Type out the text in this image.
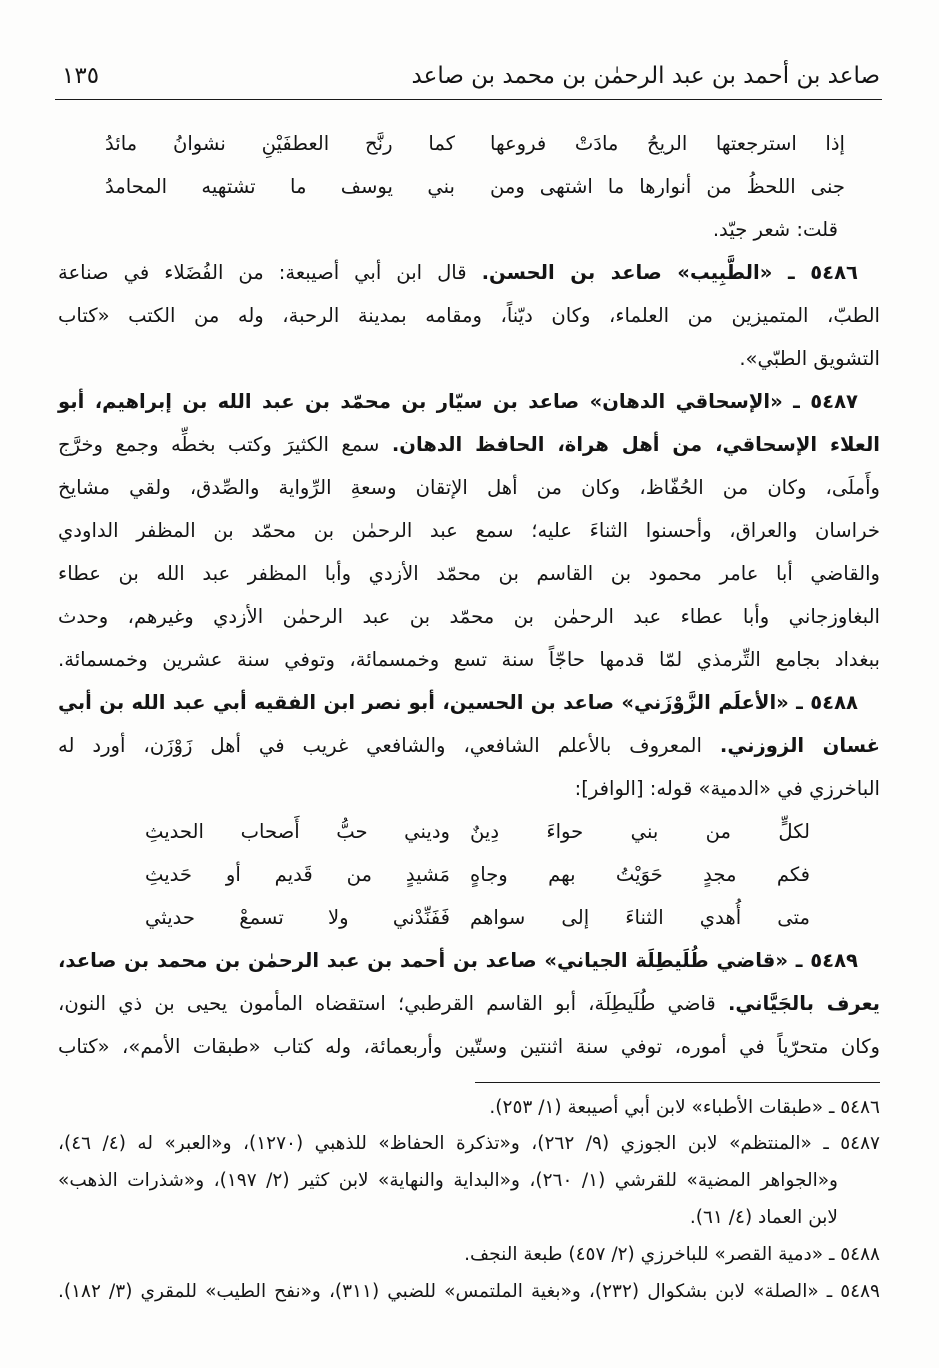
صاعد بن أحمد بن عبد الرحمٰن بن محمد بن صاعد
١٣٥
إذا استرجعتها الريحُ مادَتْ فروعها
كما رنَّح العطفَيْنِ نشوانُ مائدُ
جنى اللحظُ من أنوارها ما اشتهى ومن
بني يوسف ما تشتهيه المحامدُ
قلت: شعر جيّد.
٥٤٨٦ ـ «الطَّبِيب» صاعد بن الحسن. قال ابن أبي أصيبعة: من الفُضَلاء في صناعة
الطبّ، المتميزين من العلماء، وكان ديّناً، ومقامه بمدينة الرحبة، وله من الكتب «كتاب
التشويق الطبّي».
٥٤٨٧ ـ «الإسحاقي الدهان» صاعد بن سيّار بن محمّد بن عبد الله بن إبراهيم، أبو
العلاء الإسحاقي، من أهل هراة، الحافظ الدهان. سمع الكثيرَ وكتب بخطِّه وجمع وخرَّج
وأَملَى، وكان من الحُفّاظ، وكان من أهل الإتقان وسعةِ الرِّواية والصِّدق، ولقي مشايخ
خراسان والعراق، وأحسنوا الثناءَ عليه؛ سمع عبد الرحمٰن بن محمّد بن المظفر الداودي
والقاضي أبا عامر محمود بن القاسم بن محمّد الأزدي وأبا المظفر عبد الله بن عطاء
البغاوزجاني وأبا عطاء عبد الرحمٰن بن محمّد بن عبد الرحمٰن الأزدي وغيرهم، وحدث
ببغداد بجامع التِّرمذي لمّا قدمها حاجّاً سنة تسع وخمسمائة، وتوفي سنة عشرين وخمسمائة.
٥٤٨٨ ـ «الأعلَم الزَّوْزَني» صاعد بن الحسين، أبو نصر ابن الفقيه أبي عبد الله بن أبي
غسان الزوزني. المعروف بالأعلم الشافعي، والشافعي غريب في أهل زَوْزَن، أورد له
الباخرزي في «الدمية» قوله: [الوافر]:
لكلٍّ من بني حواءَ دِينٌ
وديني حبُّ أَصحاب الحديثِ
فكم مجدٍ حَوَيْتُ بهم وجاهٍ
مَشيدٍ من قَديم أو حَديثِ
متى أُهدي الثناءَ إلى سواهم
فَفَنِّدْني ولا تسمعْ حديثي
٥٤٨٩ ـ «قاضي طُلَيطِلَة الجياني» صاعد بن أحمد بن عبد الرحمٰن بن محمد بن صاعد،
يعرف بالجَيَّاني. قاضي طُلَيطِلَة، أبو القاسم القرطبي؛ استقضاه المأمون يحيى بن ذي النون،
وكان متحرّياً في أموره، توفي سنة اثنتين وستّين وأربعمائة، وله كتاب «طبقات الأمم»، «كتاب
٥٤٨٦ ـ «طبقات الأطباء» لابن أبي أصيبعة (١/ ٢٥٣).
٥٤٨٧ ـ «المنتظم» لابن الجوزي (٩/ ٢٦٢)، و«تذكرة الحفاظ» للذهبي (١٢٧٠)، و«العبر» له (٤/ ٤٦)،
و«الجواهر المضية» للقرشي (١/ ٢٦٠)، و«البداية والنهاية» لابن كثير (٢/ ١٩٧)، و«شذرات الذهب»
لابن العماد (٤/ ٦١).
٥٤٨٨ ـ «دمية القصر» للباخرزي (٢/ ٤٥٧) طبعة النجف.
٥٤٨٩ ـ «الصلة» لابن بشكوال (٢٣٢)، و«بغية الملتمس» للضبي (٣١١)، و«نفح الطيب» للمقري (٣/ ١٨٢).
